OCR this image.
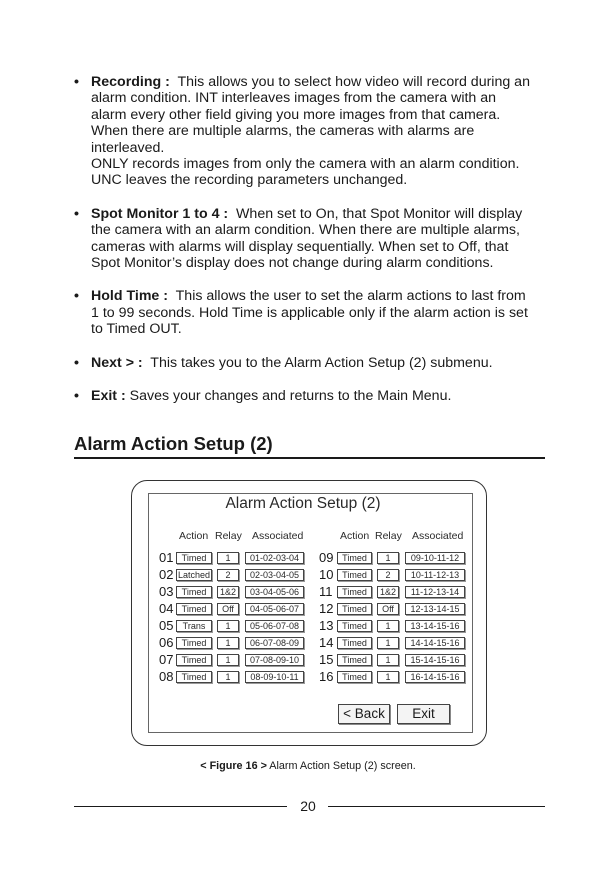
• Recording : This allows you to select how video will record during an
alarm condition. INT interleaves images from the camera with an
alarm every other field giving you more images from that camera.
When there are multiple alarms, the cameras with alarms are
interleaved.
ONLY records images from only the camera with an alarm condition.
UNC leaves the recording parameters unchanged.
• Spot Monitor 1 to 4 : When set to On, that Spot Monitor will display
the camera with an alarm condition. When there are multiple alarms,
cameras with alarms will display sequentially. When set to Off, that
Spot Monitor’s display does not change during alarm conditions.
• Hold Time : This allows the user to set the alarm actions to last from
1 to 99 seconds. Hold Time is applicable only if the alarm action is set
to Timed OUT.
• Next > : This takes you to the Alarm Action Setup (2) submenu.
• Exit : Saves your changes and returns to the Main Menu.
Alarm Action Setup (2)
Alarm Action Setup (2)
Action Relay Associated	Action Relay Associated
01 Timed	1	01-02-03-04
02 Latched	2	02-03-04-05
03 Timed	1&2	03-04-05-06
04 Timed	Off	04-05-06-07
05	Trans	1	05-06-07-08
06 Timed	1	06-07-08-09
07 Timed	1	07-08-09-10
08 Timed	1	08-09-10-11
09 Timed	1	09-10-11-12
10 Timed	2	10-11-12-13
11	Timed	1&2	11-12-13-14
12 Timed	Off	12-13-14-15
13 Timed	1	13-14-15-16
14 Timed	1	14-14-15-16
15 Timed	1	15-14-15-16
16 Timed	1	16-14-15-16
< Back	Exit
< Figure 16 > Alarm Action Setup (2) screen.
20
